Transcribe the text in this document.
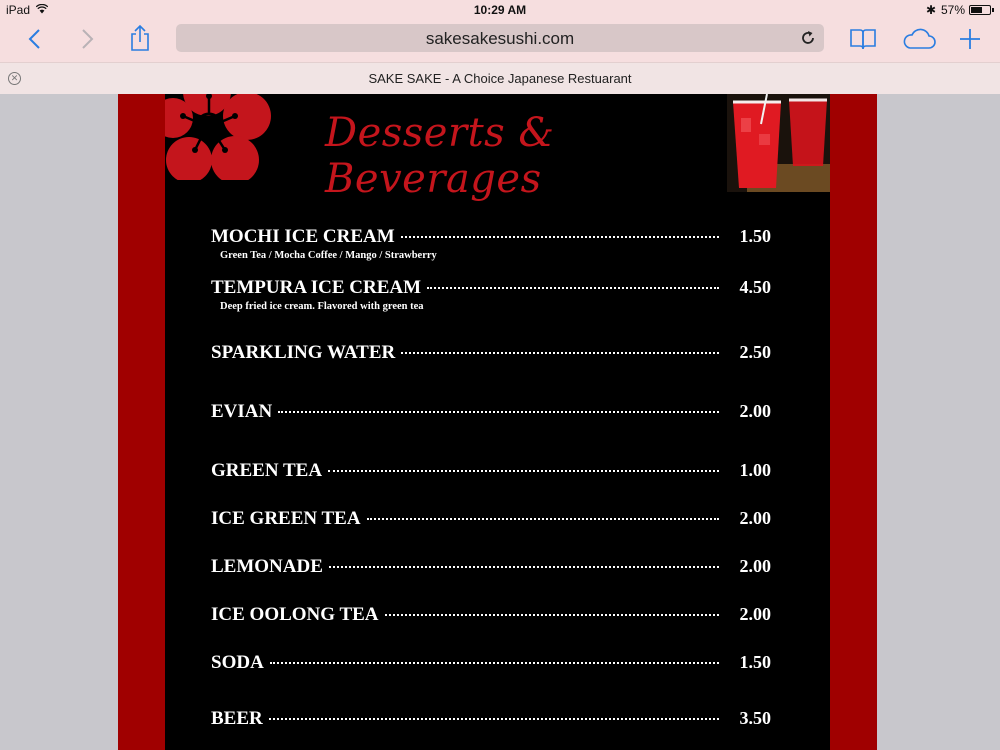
iPad	10:29 AM	✱ 57%
sakesakesushi.com
✕	SAKE SAKE - A Choice Japanese Restuarant
Desserts & Beverages
MOCHI ICE CREAM	1.50
Green Tea / Mocha Coffee / Mango / Strawberry
TEMPURA ICE CREAM	4.50
Deep fried ice cream. Flavored with green tea
SPARKLING WATER	2.50
EVIAN	2.00
GREEN TEA	1.00
ICE GREEN TEA	2.00
LEMONADE	2.00
ICE OOLONG TEA	2.00
SODA	1.50
BEER	3.50
